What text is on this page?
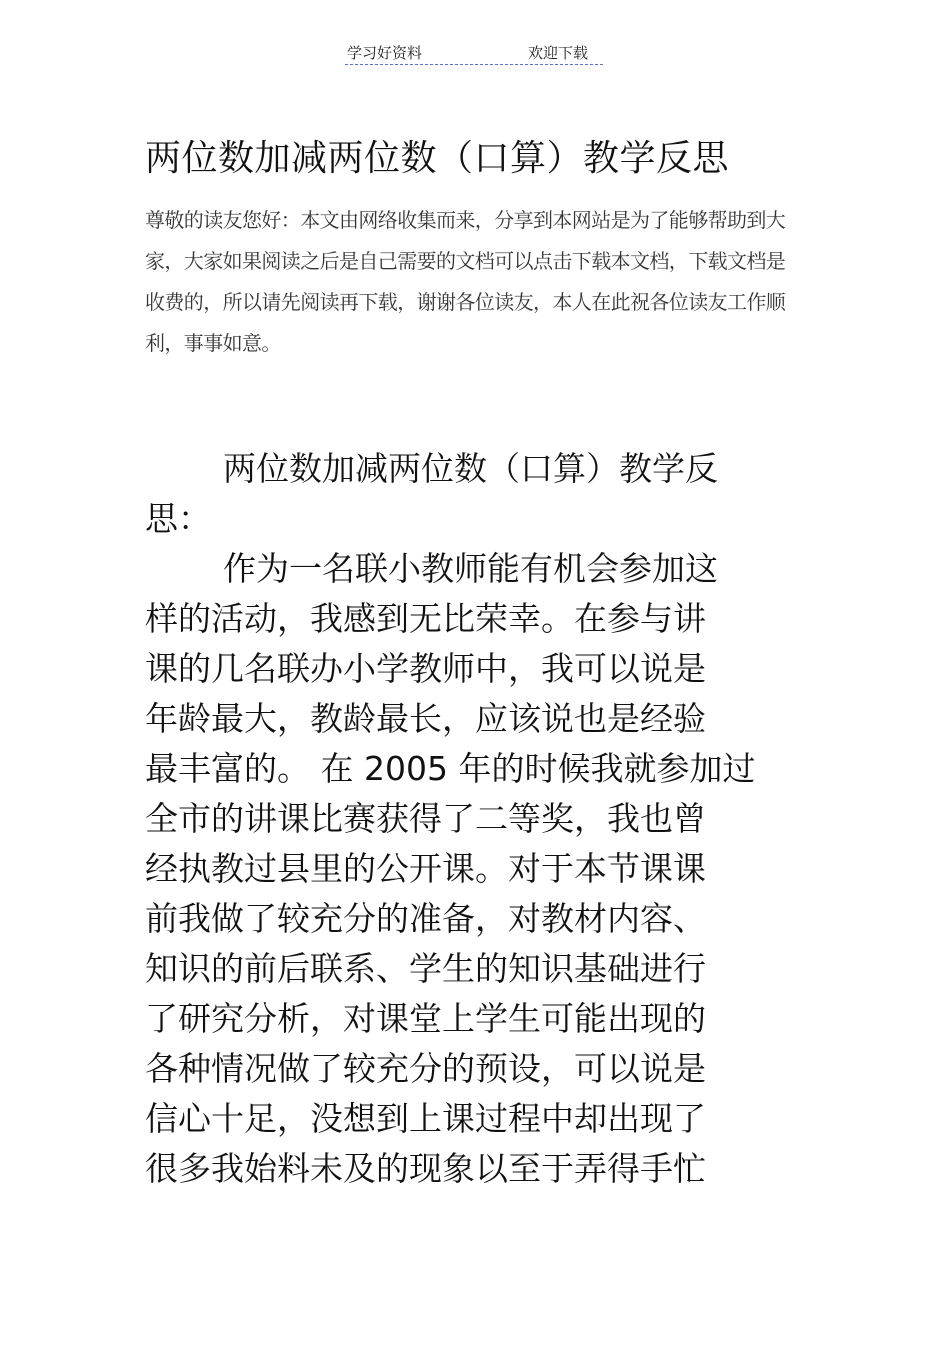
学习好资料	欢迎下载
两位数加减两位数（口算）教学反思
尊敬的读友您好：本文由网络收集而来，分享到本网站是为了能够帮助到大
家，大家如果阅读之后是自己需要的文档可以点击下载本文档，下载文档是
收费的，所以请先阅读再下载，谢谢各位读友，本人在此祝各位读友工作顺
利，事事如意。
两位数加减两位数（口算）教学反
思：
作为一名联小教师能有机会参加这
样的活动，我感到无比荣幸。在参与讲
课的几名联办小学教师中，我可以说是
年龄最大，教龄最长，应该说也是经验
最丰富的。 在 2005 年的时候我就参加过
全市的讲课比赛获得了二等奖，我也曾
经执教过县里的公开课。对于本节课课
前我做了较充分的准备，对教材内容、
知识的前后联系、学生的知识基础进行
了研究分析，对课堂上学生可能出现的
各种情况做了较充分的预设，可以说是
信心十足，没想到上课过程中却出现了
很多我始料未及的现象以至于弄得手忙
